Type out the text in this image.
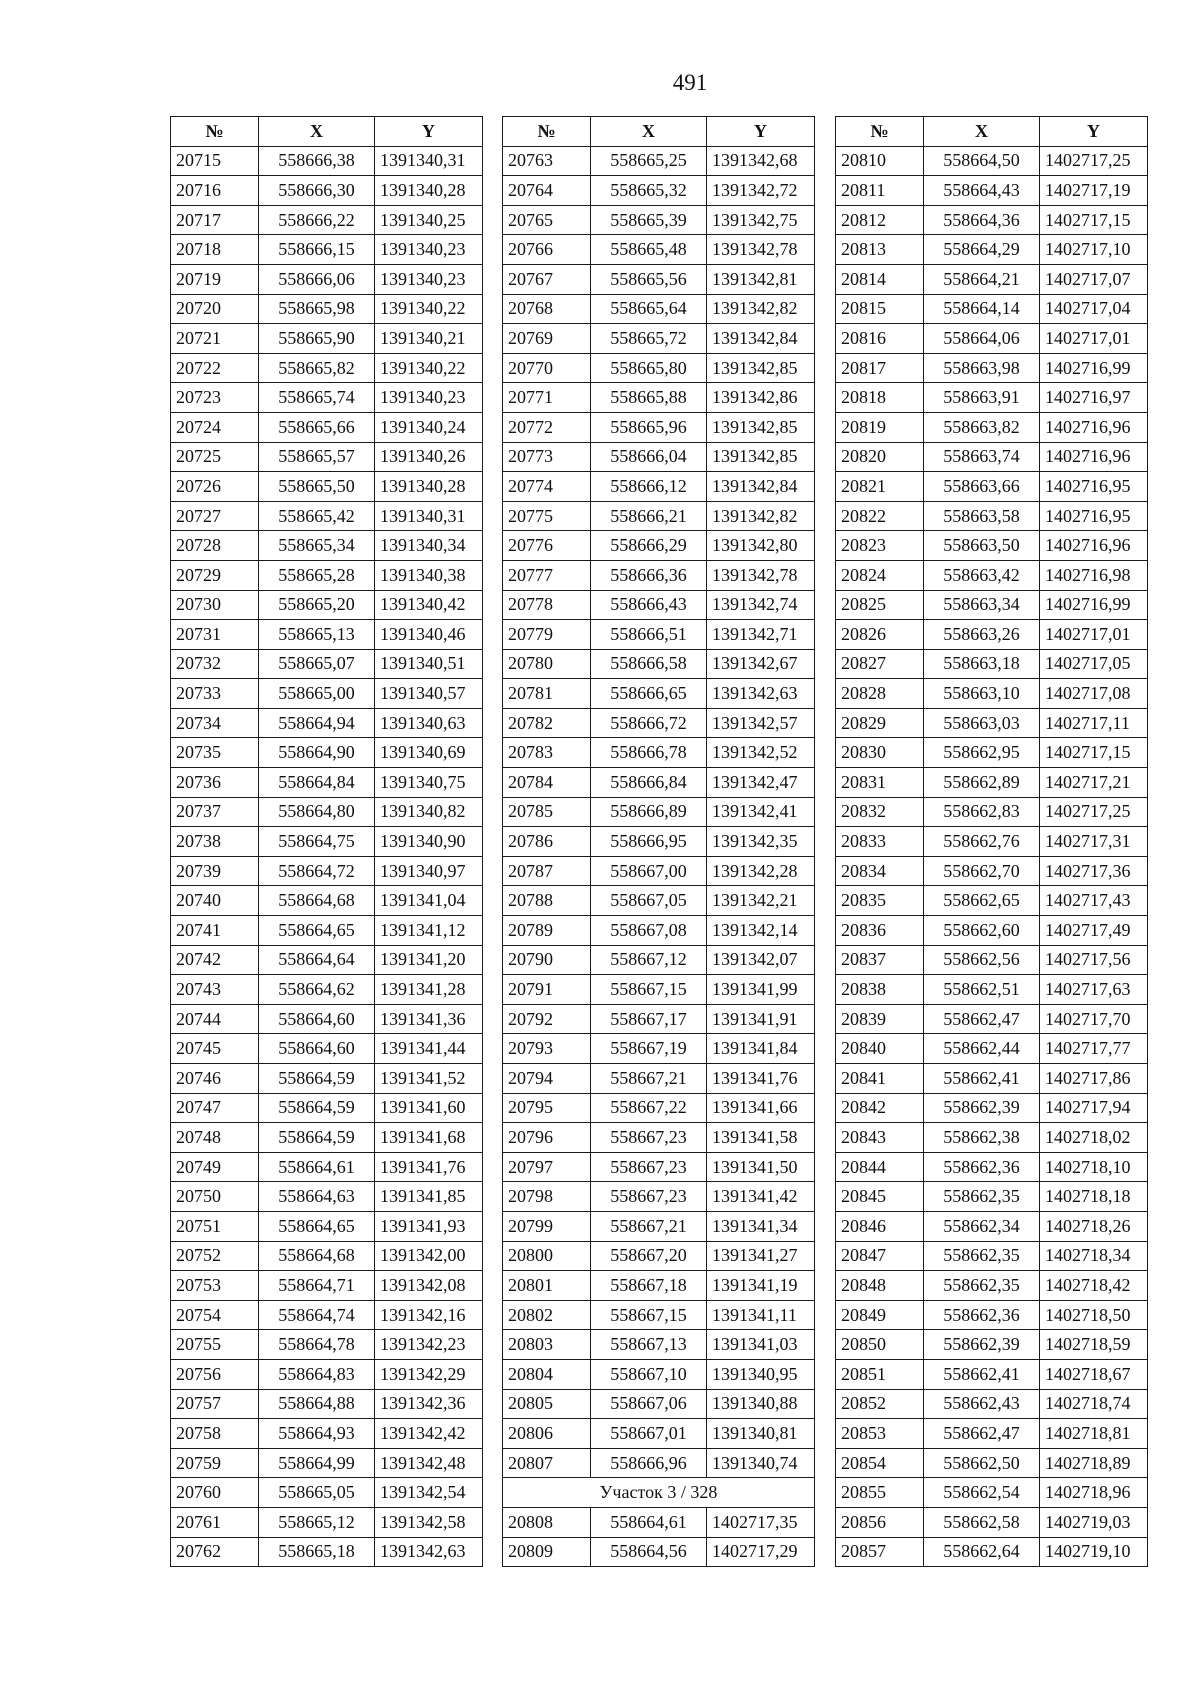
491
№	X	Y
20715	558666,38	1391340,31
20716	558666,30	1391340,28
20717	558666,22	1391340,25
20718	558666,15	1391340,23
20719	558666,06	1391340,23
20720	558665,98	1391340,22
20721	558665,90	1391340,21
20722	558665,82	1391340,22
20723	558665,74	1391340,23
20724	558665,66	1391340,24
20725	558665,57	1391340,26
20726	558665,50	1391340,28
20727	558665,42	1391340,31
20728	558665,34	1391340,34
20729	558665,28	1391340,38
20730	558665,20	1391340,42
20731	558665,13	1391340,46
20732	558665,07	1391340,51
20733	558665,00	1391340,57
20734	558664,94	1391340,63
20735	558664,90	1391340,69
20736	558664,84	1391340,75
20737	558664,80	1391340,82
20738	558664,75	1391340,90
20739	558664,72	1391340,97
20740	558664,68	1391341,04
20741	558664,65	1391341,12
20742	558664,64	1391341,20
20743	558664,62	1391341,28
20744	558664,60	1391341,36
20745	558664,60	1391341,44
20746	558664,59	1391341,52
20747	558664,59	1391341,60
20748	558664,59	1391341,68
20749	558664,61	1391341,76
20750	558664,63	1391341,85
20751	558664,65	1391341,93
20752	558664,68	1391342,00
20753	558664,71	1391342,08
20754	558664,74	1391342,16
20755	558664,78	1391342,23
20756	558664,83	1391342,29
20757	558664,88	1391342,36
20758	558664,93	1391342,42
20759	558664,99	1391342,48
20760	558665,05	1391342,54
20761	558665,12	1391342,58
20762	558665,18	1391342,63
№	X	Y
20763	558665,25	1391342,68
20764	558665,32	1391342,72
20765	558665,39	1391342,75
20766	558665,48	1391342,78
20767	558665,56	1391342,81
20768	558665,64	1391342,82
20769	558665,72	1391342,84
20770	558665,80	1391342,85
20771	558665,88	1391342,86
20772	558665,96	1391342,85
20773	558666,04	1391342,85
20774	558666,12	1391342,84
20775	558666,21	1391342,82
20776	558666,29	1391342,80
20777	558666,36	1391342,78
20778	558666,43	1391342,74
20779	558666,51	1391342,71
20780	558666,58	1391342,67
20781	558666,65	1391342,63
20782	558666,72	1391342,57
20783	558666,78	1391342,52
20784	558666,84	1391342,47
20785	558666,89	1391342,41
20786	558666,95	1391342,35
20787	558667,00	1391342,28
20788	558667,05	1391342,21
20789	558667,08	1391342,14
20790	558667,12	1391342,07
20791	558667,15	1391341,99
20792	558667,17	1391341,91
20793	558667,19	1391341,84
20794	558667,21	1391341,76
20795	558667,22	1391341,66
20796	558667,23	1391341,58
20797	558667,23	1391341,50
20798	558667,23	1391341,42
20799	558667,21	1391341,34
20800	558667,20	1391341,27
20801	558667,18	1391341,19
20802	558667,15	1391341,11
20803	558667,13	1391341,03
20804	558667,10	1391340,95
20805	558667,06	1391340,88
20806	558667,01	1391340,81
20807	558666,96	1391340,74
Участок 3 / 328		
20808	558664,61	1402717,35
20809	558664,56	1402717,29
№	X	Y
20810	558664,50	1402717,25
20811	558664,43	1402717,19
20812	558664,36	1402717,15
20813	558664,29	1402717,10
20814	558664,21	1402717,07
20815	558664,14	1402717,04
20816	558664,06	1402717,01
20817	558663,98	1402716,99
20818	558663,91	1402716,97
20819	558663,82	1402716,96
20820	558663,74	1402716,96
20821	558663,66	1402716,95
20822	558663,58	1402716,95
20823	558663,50	1402716,96
20824	558663,42	1402716,98
20825	558663,34	1402716,99
20826	558663,26	1402717,01
20827	558663,18	1402717,05
20828	558663,10	1402717,08
20829	558663,03	1402717,11
20830	558662,95	1402717,15
20831	558662,89	1402717,21
20832	558662,83	1402717,25
20833	558662,76	1402717,31
20834	558662,70	1402717,36
20835	558662,65	1402717,43
20836	558662,60	1402717,49
20837	558662,56	1402717,56
20838	558662,51	1402717,63
20839	558662,47	1402717,70
20840	558662,44	1402717,77
20841	558662,41	1402717,86
20842	558662,39	1402717,94
20843	558662,38	1402718,02
20844	558662,36	1402718,10
20845	558662,35	1402718,18
20846	558662,34	1402718,26
20847	558662,35	1402718,34
20848	558662,35	1402718,42
20849	558662,36	1402718,50
20850	558662,39	1402718,59
20851	558662,41	1402718,67
20852	558662,43	1402718,74
20853	558662,47	1402718,81
20854	558662,50	1402718,89
20855	558662,54	1402718,96
20856	558662,58	1402719,03
20857	558662,64	1402719,10
